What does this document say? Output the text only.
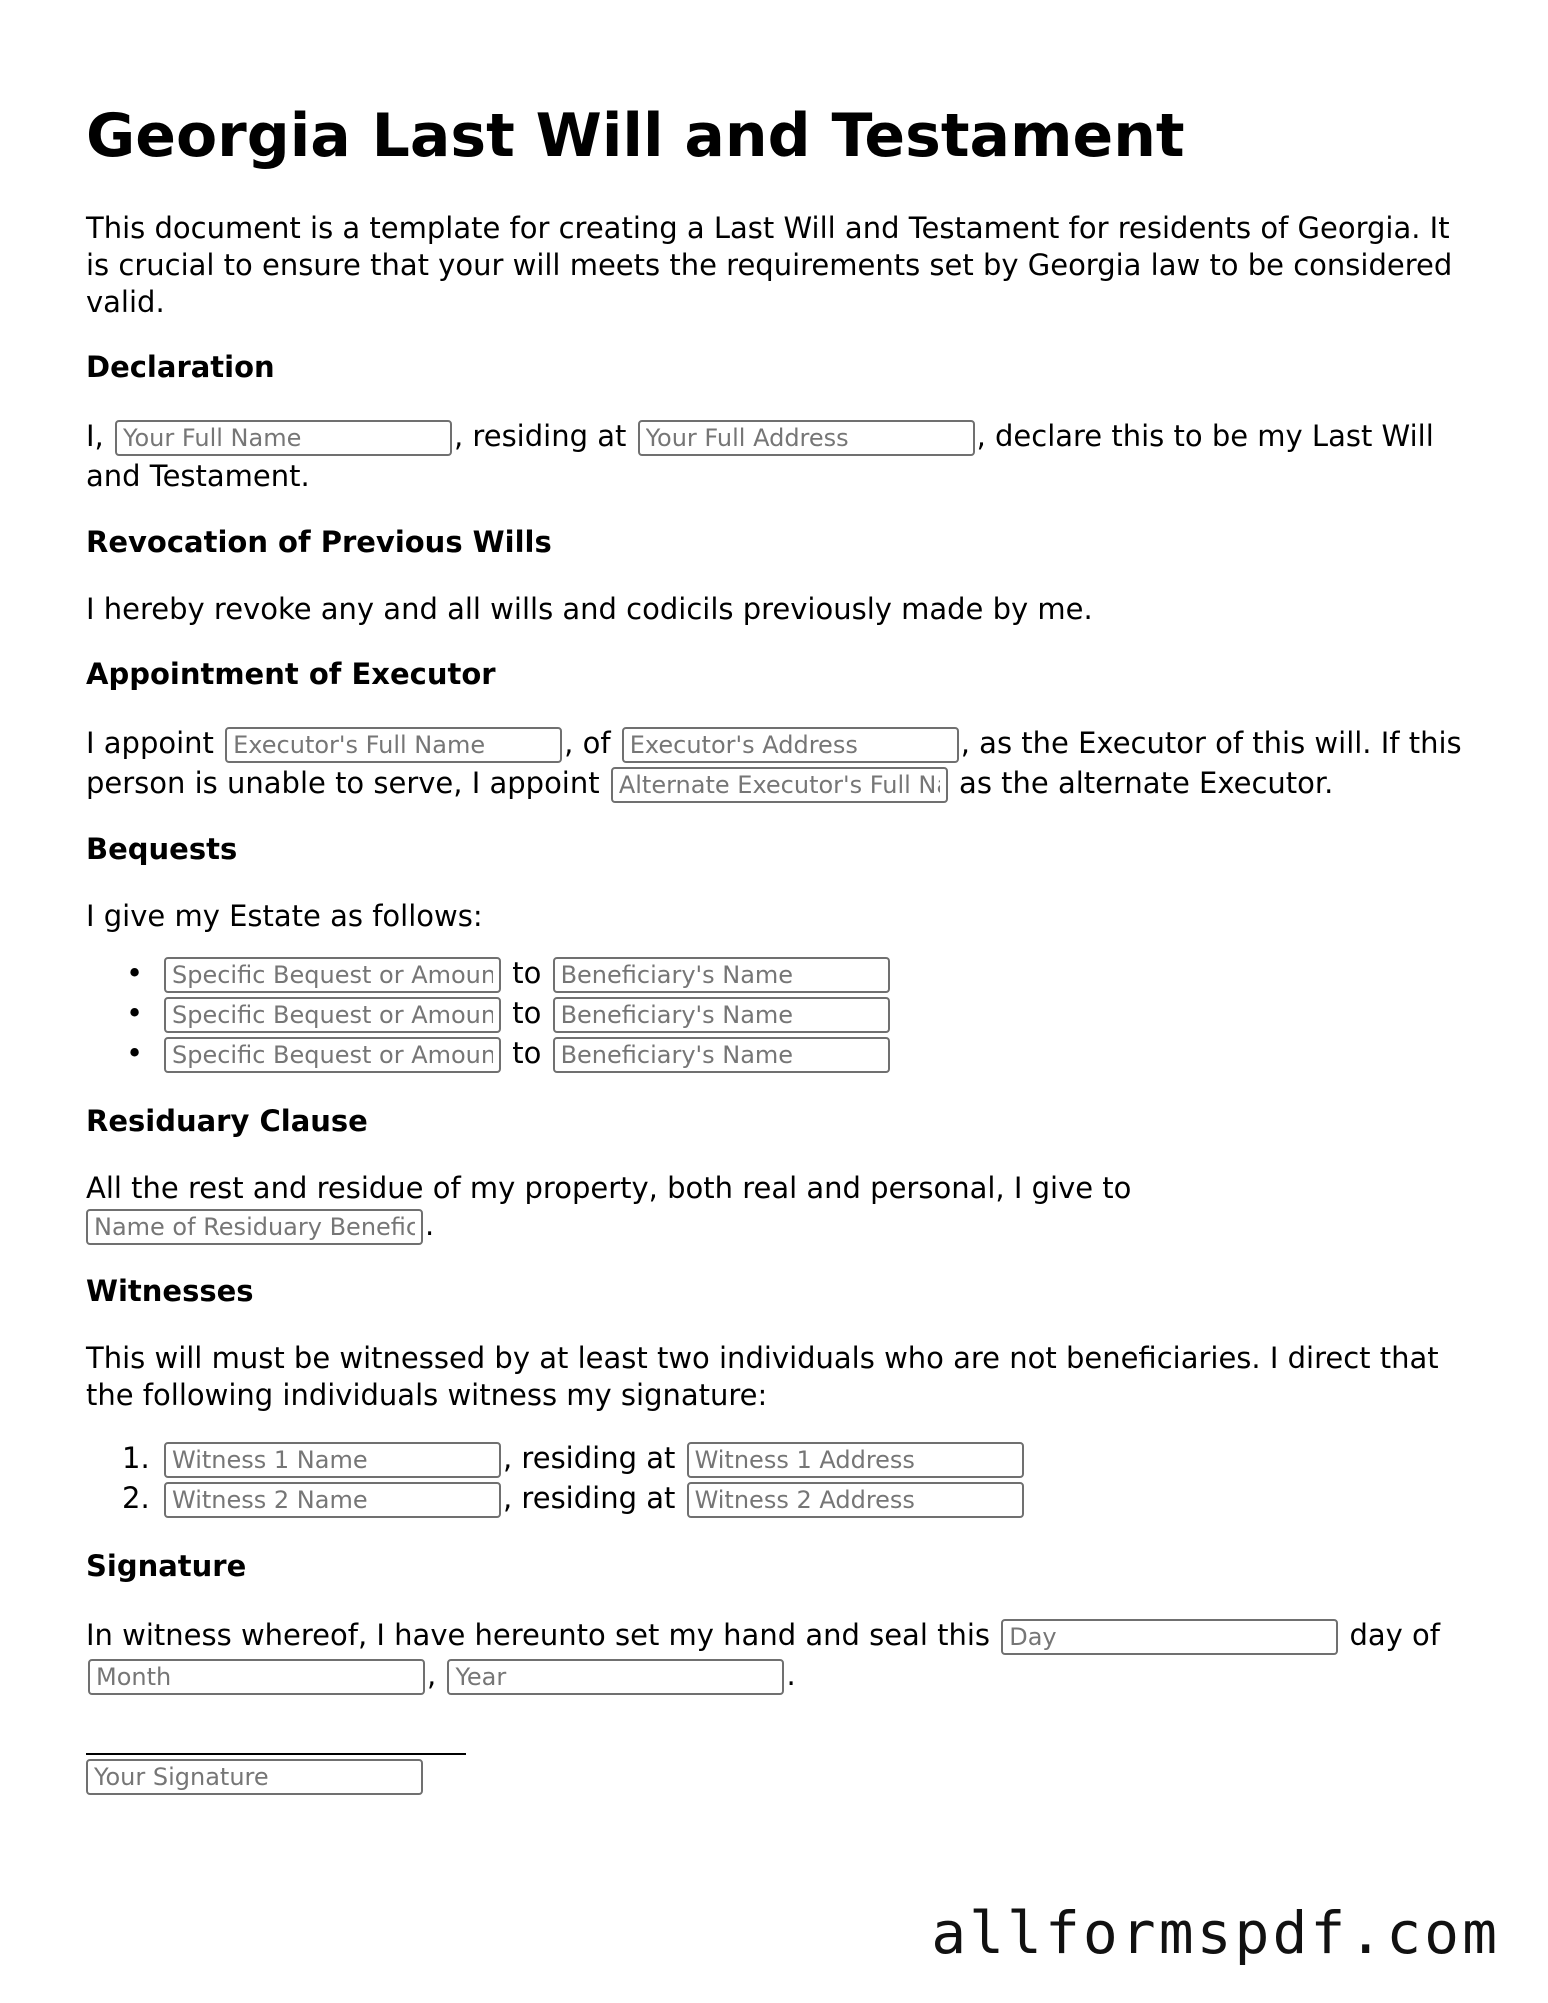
Georgia Last Will and Testament

This document is a template for creating a Last Will and Testament for residents of Georgia. It is crucial to ensure that your will meets the requirements set by Georgia law to be considered valid.

Declaration

I, Your Full Name	, residing at Your Full Address	, declare this to be my Last Will and Testament.

Revocation of Previous Wills

I hereby revoke any and all wills and codicils previously made by me.

Appointment of Executor

I appoint Executor's Full Name	, of Executor's Address	, as the Executor of this will. If this person is unable to serve, I appoint Alternate Executor's Full Name	as the alternate Executor.

Bequests

I give my Estate as follows:

•
Specific Bequest or Amount	to Beneficiary's Name
•
Specific Bequest or Amount	to Beneficiary's Name
•
Specific Bequest or Amount	to Beneficiary's Name
Residuary Clause

All the rest and residue of my property, both real and personal, I give to
Name of Residuary Beneficiary.

Witnesses

This will must be witnessed by at least two individuals who are not beneficiaries. I direct that the following individuals witness my signature:

1.Witness 1 Name	, residing at Witness 1 Address
2.Witness 2 Name	, residing at Witness 2 Address
Signature

In witness whereof, I have hereunto set my hand and seal this Day	day of Month, Year	.

Your Signature
allformspdf.com
